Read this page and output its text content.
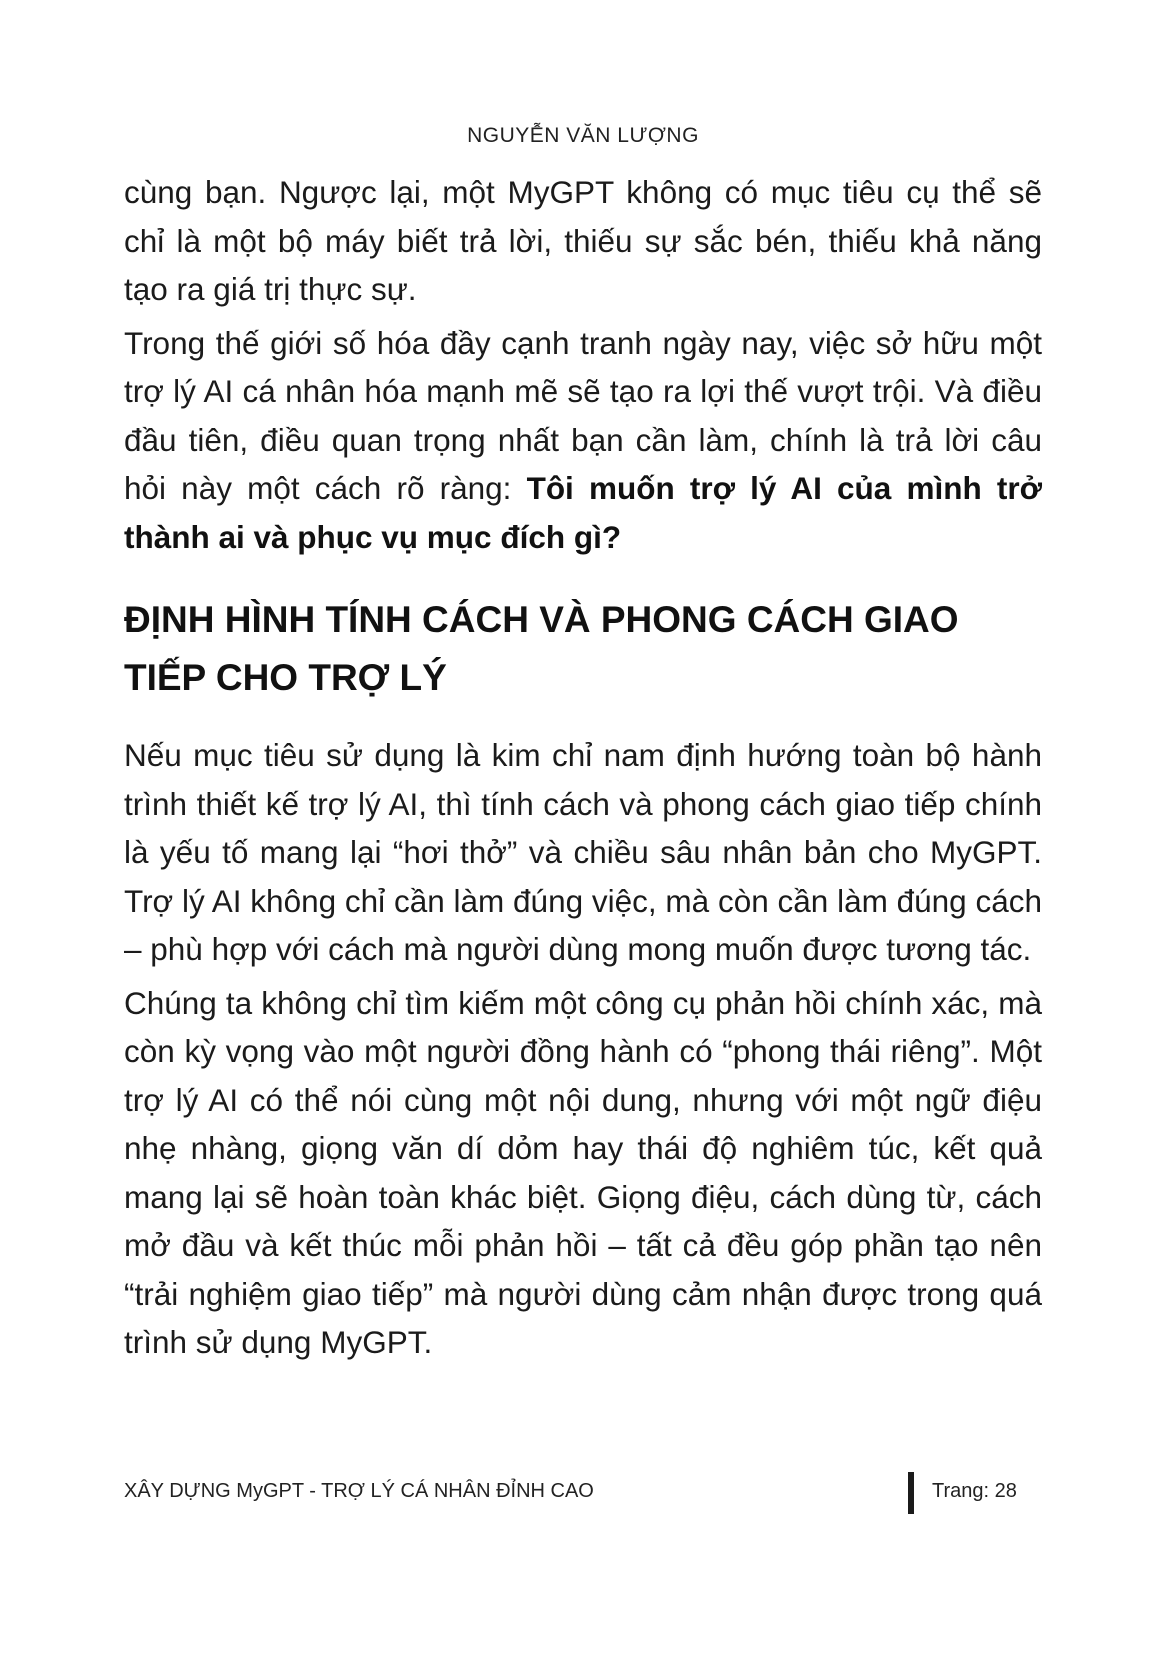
NGUYỄN VĂN LƯỢNG

cùng bạn. Ngược lại, một MyGPT không có mục tiêu cụ thể sẽ chỉ là một bộ máy biết trả lời, thiếu sự sắc bén, thiếu khả năng tạo ra giá trị thực sự.

Trong thế giới số hóa đầy cạnh tranh ngày nay, việc sở hữu một trợ lý AI cá nhân hóa mạnh mẽ sẽ tạo ra lợi thế vượt trội. Và điều đầu tiên, điều quan trọng nhất bạn cần làm, chính là trả lời câu hỏi này một cách rõ ràng: Tôi muốn trợ lý AI của mình trở thành ai và phục vụ mục đích gì?

ĐỊNH HÌNH TÍNH CÁCH VÀ PHONG CÁCH GIAO TIẾP CHO TRỢ LÝ

Nếu mục tiêu sử dụng là kim chỉ nam định hướng toàn bộ hành trình thiết kế trợ lý AI, thì tính cách và phong cách giao tiếp chính là yếu tố mang lại “hơi thở” và chiều sâu nhân bản cho MyGPT. Trợ lý AI không chỉ cần làm đúng việc, mà còn cần làm đúng cách – phù hợp với cách mà người dùng mong muốn được tương tác.

Chúng ta không chỉ tìm kiếm một công cụ phản hồi chính xác, mà còn kỳ vọng vào một người đồng hành có “phong thái riêng”. Một trợ lý AI có thể nói cùng một nội dung, nhưng với một ngữ điệu nhẹ nhàng, giọng văn dí dỏm hay thái độ nghiêm túc, kết quả mang lại sẽ hoàn toàn khác biệt. Giọng điệu, cách dùng từ, cách mở đầu và kết thúc mỗi phản hồi – tất cả đều góp phần tạo nên “trải nghiệm giao tiếp” mà người dùng cảm nhận được trong quá trình sử dụng MyGPT.

XÂY DỰNG MyGPT - TRỢ LÝ CÁ NHÂN ĐỈNH CAO	Trang: 28
